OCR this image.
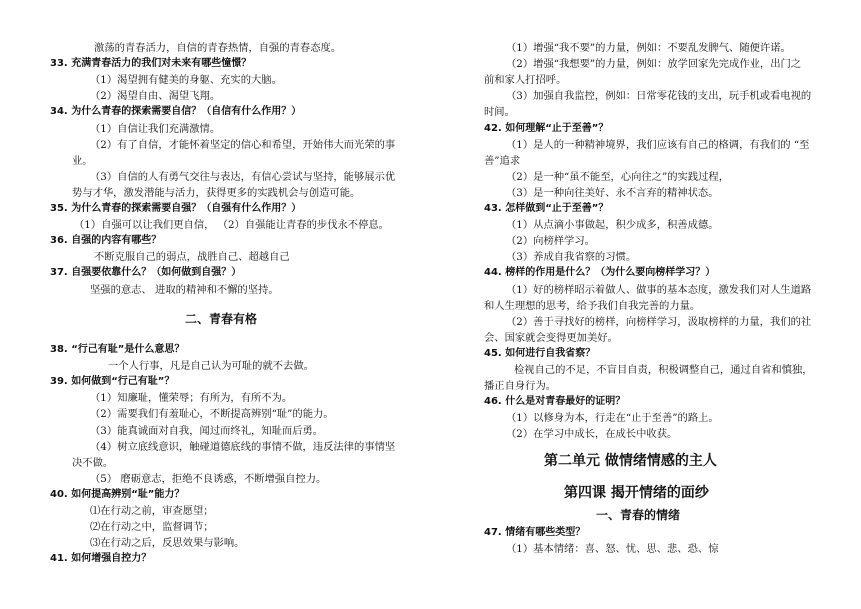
激荡的青春活力，自信的青春热情，自强的青春态度。
33. 充满青春活力的我们对未来有哪些憧憬？
（1）渴望拥有健美的身躯、充实的大脑。
（2）渴望自由、渴望飞翔。
34. 为什么青春的探索需要自信？（自信有什么作用？）
（1）自信让我们充满激情。
（2）有了自信，才能怀着坚定的信心和希望，开始伟大而光荣的事
业。
（3）自信的人有勇气交往与表达，有信心尝试与坚持，能够展示优
势与才华，激发潜能与活力，获得更多的实践机会与创造可能。
35. 为什么青春的探索需要自强？（自强有什么作用？）
（1）自强可以让我们更自信， （2）自强能让青春的步伐永不停息。
36. 自强的内容有哪些？
不断克服自己的弱点，战胜自己、超越自己
37. 自强要依靠什么？（如何做到自强？）
坚强的意志、 进取的精神和不懈的坚持。
二、青春有格
38. “行己有耻”是什么意思？
一个人行事，凡是自己认为可耻的就不去做。
39. 如何做到“行己有耻”？
（1）知廉耻，懂荣辱；有所为，有所不为。
（2）需要我们有羞耻心，不断提高辨别“耻”的能力。
（3）能真诚面对自我，闻过而终礼，知耻而后勇。
（4）树立底线意识，触碰道德底线的事情不做，违反法律的事情坚
决不做。
（5） 磨砺意志，拒绝不良诱惑，不断增强自控力。
40. 如何提高辨别“耻”能力？
⑴在行动之前，审查愿望；
⑵在行动之中，监督调节；
⑶在行动之后，反思效果与影响。
41. 如何增强自控力？
（1）增强“我不要”的力量，例如：不要乱发脾气、随便许诺。
（2）增强“我想要”的力量，例如：放学回家先完成作业，出门之
前和家人打招呼。
（3）加强自我监控，例如：日常零花钱的支出，玩手机或看电视的
时间。
42. 如何理解“止于至善”？
（1）是人的一种精神境界，我们应该有自己的格调，有我们的 “至
善”追求
（2）是一种“虽不能至，心向往之”的实践过程，
（3）是一种向往美好、永不言弃的精神状态。
43. 怎样做到“止于至善”？
（1）从点滴小事做起，积少成多，积善成德。
（2）向榜样学习。
（3）养成自我省察的习惯。
44. 榜样的作用是什么？（为什么要向榜样学习？）
（1）好的榜样昭示着做人、做事的基本态度，激发我们对人生道路
和人生理想的思考，给予我们自我完善的力量。
（2）善于寻找好的榜样，向榜样学习，汲取榜样的力量，我们的社
会、国家就会变得更加美好。
45. 如何进行自我省察？
检视自己的不足，不盲目自责，积极调整自己，通过自省和慎独，
播正自身行为。
46. 什么是对青春最好的证明？
（1）以修身为本，行走在“止于至善”的路上。
（2）在学习中成长，在成长中收获。
第二单元 做情绪情感的主人
第四课 揭开情绪的面纱
一、青春的情绪
47. 情绪有哪些类型？
（1）基本情绪：喜、怒、忧、思、悲、恐、惊
